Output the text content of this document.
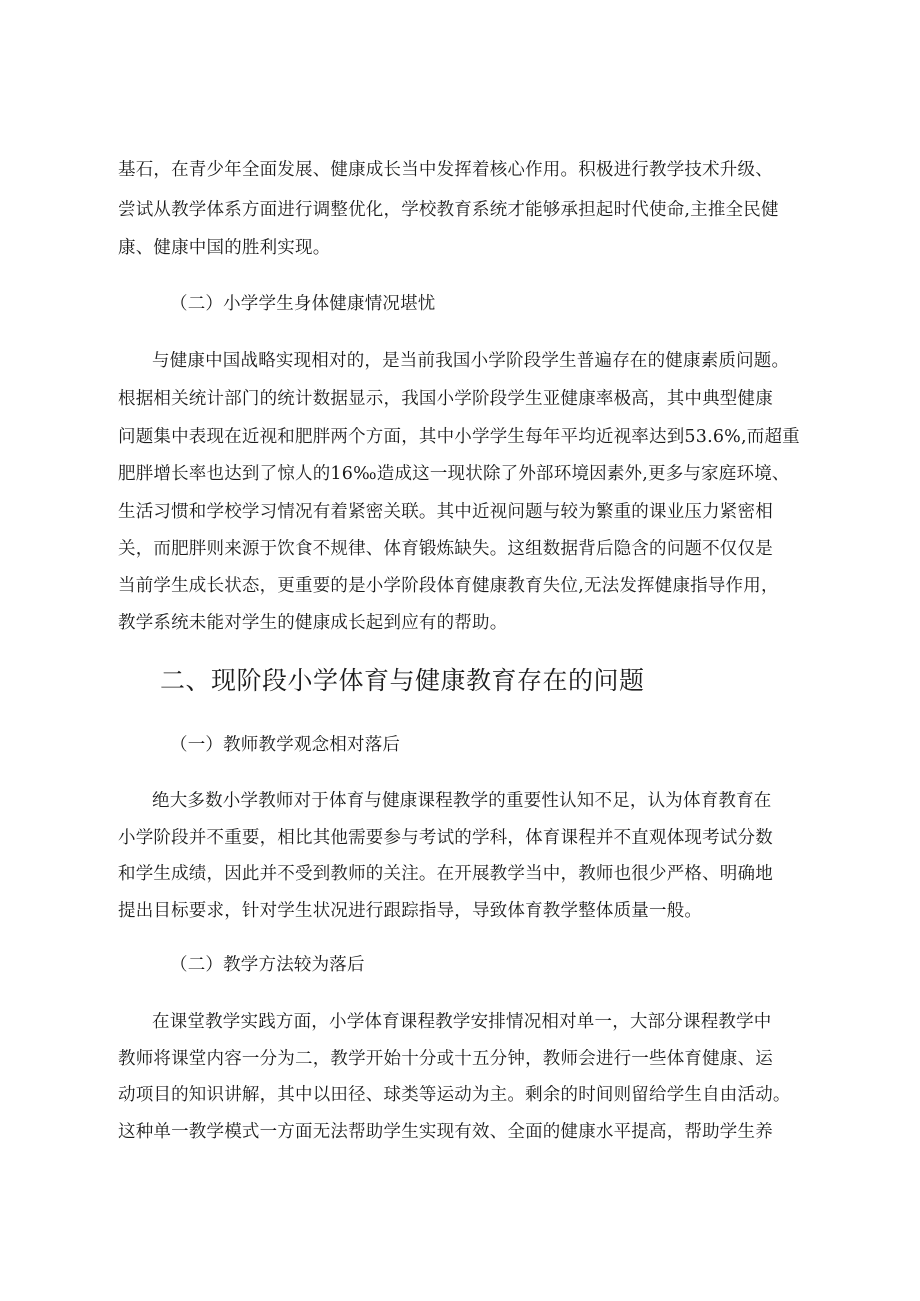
基石，在青少年全面发展、健康成长当中发挥着核心作用。积极进行教学技术升级、
尝试从教学体系方面进行调整优化，学校教育系统才能够承担起时代使命,主推全民健
康、健康中国的胜利实现。
（二）小学学生身体健康情况堪忧
与健康中国战略实现相对的，是当前我国小学阶段学生普遍存在的健康素质问题。
根据相关统计部门的统计数据显示，我国小学阶段学生亚健康率极高，其中典型健康
问题集中表现在近视和肥胖两个方面，其中小学学生每年平均近视率达到53.6%,而超重
肥胖增长率也达到了惊人的16‰造成这一现状除了外部环境因素外,更多与家庭环境、
生活习惯和学校学习情况有着紧密关联。其中近视问题与较为繁重的课业压力紧密相
关，而肥胖则来源于饮食不规律、体育锻炼缺失。这组数据背后隐含的问题不仅仅是
当前学生成长状态，更重要的是小学阶段体育健康教育失位,无法发挥健康指导作用，
教学系统未能对学生的健康成长起到应有的帮助。
二、现阶段小学体育与健康教育存在的问题
（一）教师教学观念相对落后
绝大多数小学教师对于体育与健康课程教学的重要性认知不足，认为体育教育在
小学阶段并不重要，相比其他需要参与考试的学科，体育课程并不直观体现考试分数
和学生成绩，因此并不受到教师的关注。在开展教学当中，教师也很少严格、明确地
提出目标要求，针对学生状况进行跟踪指导，导致体育教学整体质量一般。
（二）教学方法较为落后
在课堂教学实践方面，小学体育课程教学安排情况相对单一，大部分课程教学中
教师将课堂内容一分为二，教学开始十分或十五分钟，教师会进行一些体育健康、运
动项目的知识讲解，其中以田径、球类等运动为主。剩余的时间则留给学生自由活动。
这种单一教学模式一方面无法帮助学生实现有效、全面的健康水平提高，帮助学生养
